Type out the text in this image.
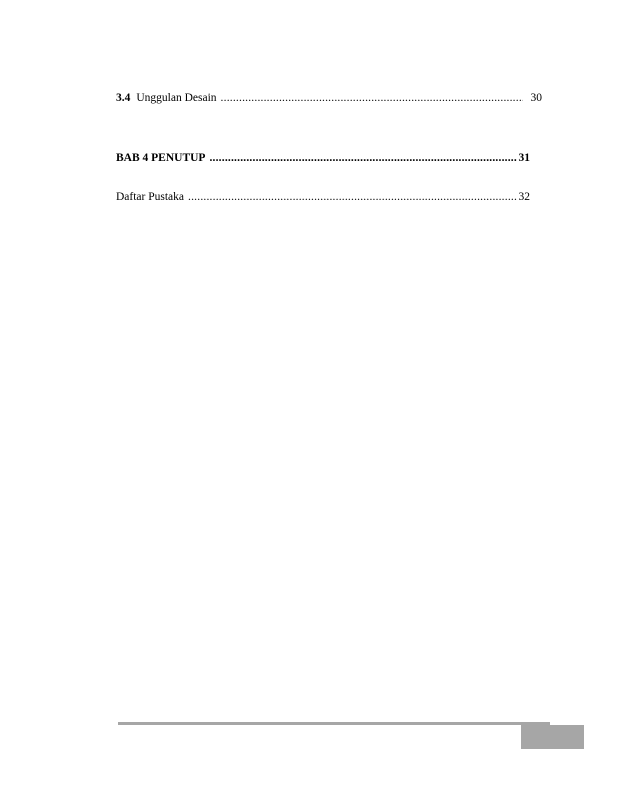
3.4 Unggulan Desain .....	30
BAB 4 PENUTUP .....	31
Daftar Pustaka .....	32
